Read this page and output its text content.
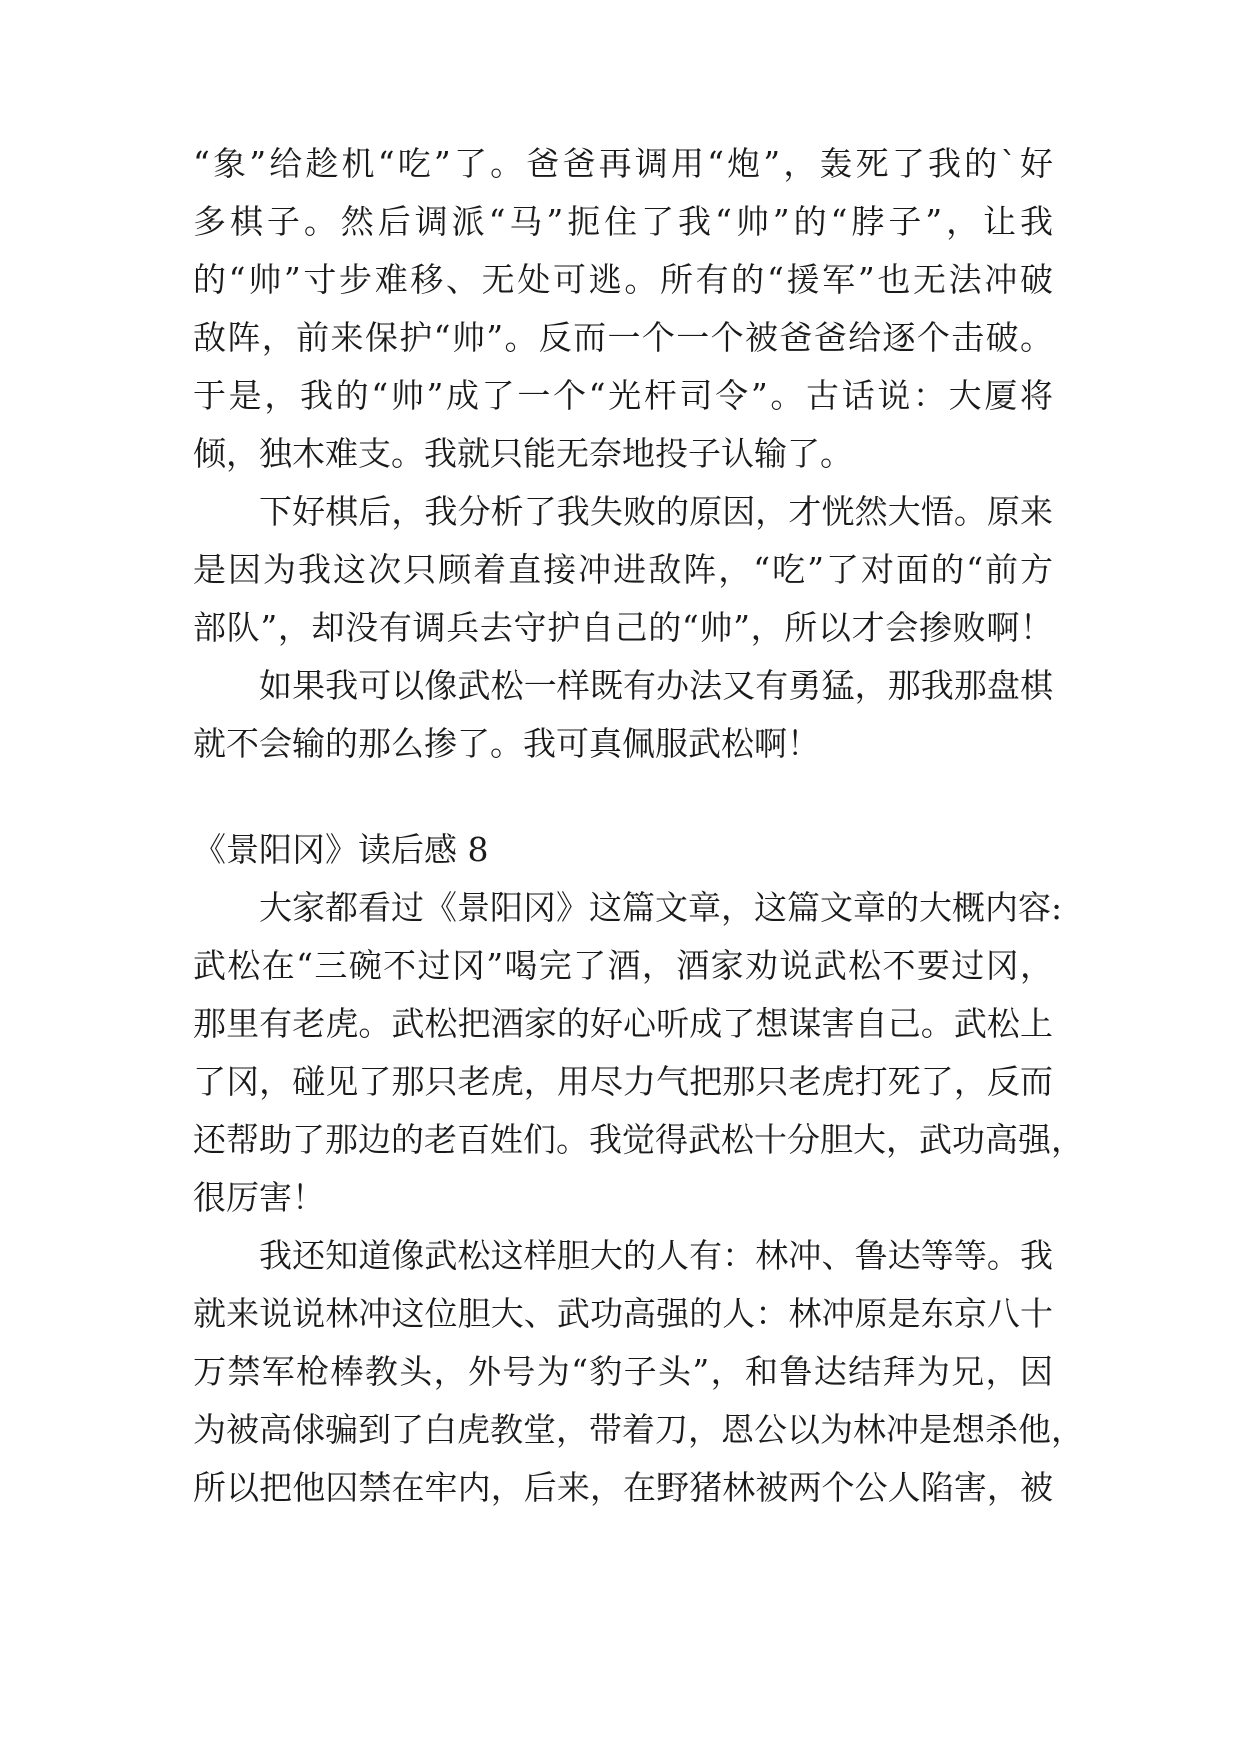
“象”给趁机“吃”了。爸爸再调用“炮”，轰死了我的`好
多棋子。然后调派“马”扼住了我“帅”的“脖子”，让我
的“帅”寸步难移、无处可逃。所有的“援军”也无法冲破
敌阵，前来保护“帅”。反而一个一个被爸爸给逐个击破。
于是，我的“帅”成了一个“光杆司令”。古话说：大厦将
倾，独木难支。我就只能无奈地投子认输了。
下好棋后，我分析了我失败的原因，才恍然大悟。原来
是因为我这次只顾着直接冲进敌阵，“吃”了对面的“前方
部队”，却没有调兵去守护自己的“帅”，所以才会掺败啊！
如果我可以像武松一样既有办法又有勇猛，那我那盘棋
就不会输的那么掺了。我可真佩服武松啊！
《景阳冈》读后感 8
大家都看过《景阳冈》这篇文章，这篇文章的大概内容:
武松在“三碗不过冈”喝完了酒，酒家劝说武松不要过冈，
那里有老虎。武松把酒家的好心听成了想谋害自己。武松上
了冈，碰见了那只老虎，用尽力气把那只老虎打死了，反而
还帮助了那边的老百姓们。我觉得武松十分胆大，武功高强，
很厉害！
我还知道像武松这样胆大的人有：林冲、鲁达等等。我
就来说说林冲这位胆大、武功高强的人：林冲原是东京八十
万禁军枪棒教头，外号为“豹子头”，和鲁达结拜为兄，因
为被高俅骗到了白虎教堂，带着刀，恩公以为林冲是想杀他，
所以把他囚禁在牢内，后来，在野猪林被两个公人陷害，被
